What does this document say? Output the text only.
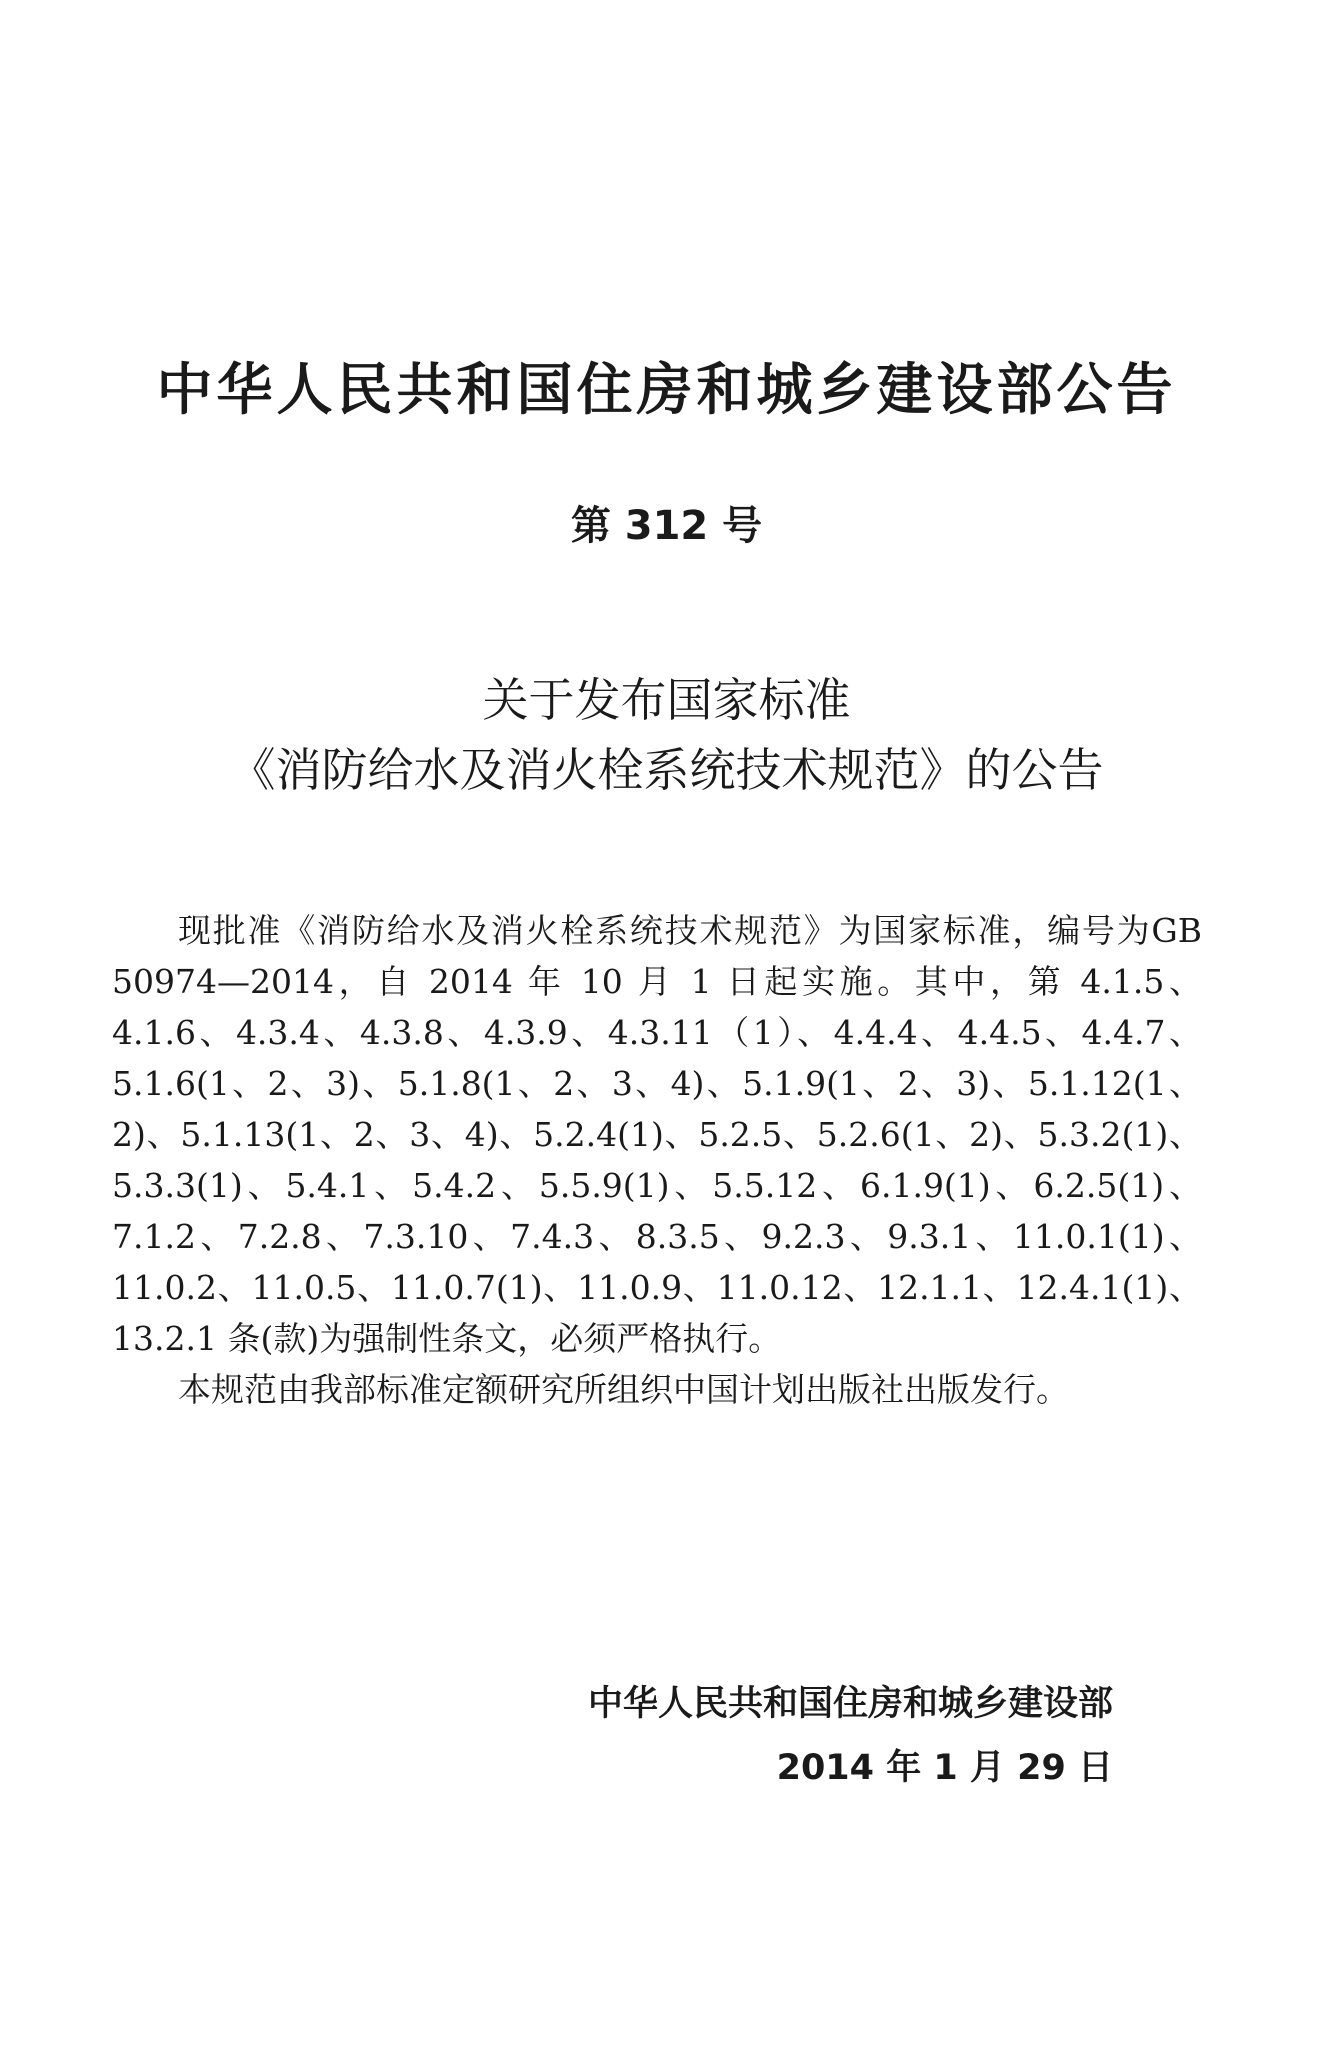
中华人民共和国住房和城乡建设部公告
第 312 号
关于发布国家标准
《消防给水及消火栓系统技术规范》的公告

现批准《消防给水及消火栓系统技术规范》为国家标准，编号为GB 50974—2014，自 2014 年 10 月 1 日起实施。其中，第 4.1.5、4.1.6、4.3.4、4.3.8、4.3.9、4.3.11（1）、4.4.4、4.4.5、4.4.7、5.1.6(1、2、3)、5.1.8(1、2、3、4)、5.1.9(1、2、3)、5.1.12(1、2)、5.1.13(1、2、3、4)、5.2.4(1)、5.2.5、5.2.6(1、2)、5.3.2(1)、5.3.3(1)、5.4.1、5.4.2、5.5.9(1)、5.5.12、6.1.9(1)、6.2.5(1)、7.1.2、7.2.8、7.3.10、7.4.3、8.3.5、9.2.3、9.3.1、11.0.1(1)、11.0.2、11.0.5、11.0.7(1)、11.0.9、11.0.12、12.1.1、12.4.1(1)、13.2.1 条(款)为强制性条文，必须严格执行。

本规范由我部标准定额研究所组织中国计划出版社出版发行。

中华人民共和国住房和城乡建设部
2014 年 1 月 29 日
